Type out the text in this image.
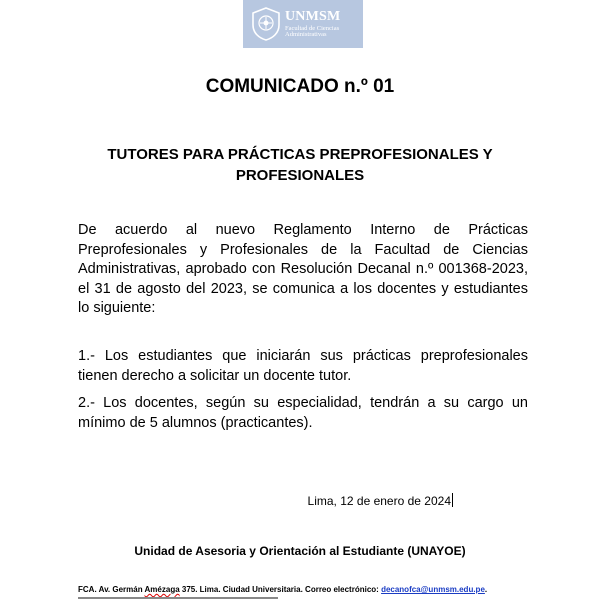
UNMSM
Facultad de Ciencias
Administrativas
COMUNICADO n.º 01
TUTORES PARA PRÁCTICAS PREPROFESIONALES Y PROFESIONALES

De acuerdo al nuevo Reglamento Interno de Prácticas Preprofesionales y Profesionales de la Facultad de Ciencias Administrativas, aprobado con Resolución Decanal n.º 001368-2023, el 31 de agosto del 2023, se comunica a los docentes y estudiantes lo siguiente:

1.- Los estudiantes que iniciarán sus prácticas preprofesionales tienen derecho a solicitar un docente tutor.

2.- Los docentes, según su especialidad, tendrán a su cargo un mínimo de 5 alumnos (practicantes).

Lima, 12 de enero de 2024
Unidad de Asesoria y Orientación al Estudiante (UNAYOE)
FCA. Av. Germán Amézaga 375. Lima. Ciudad Universitaria. Correo electrónico: decanofca@unmsm.edu.pe.
